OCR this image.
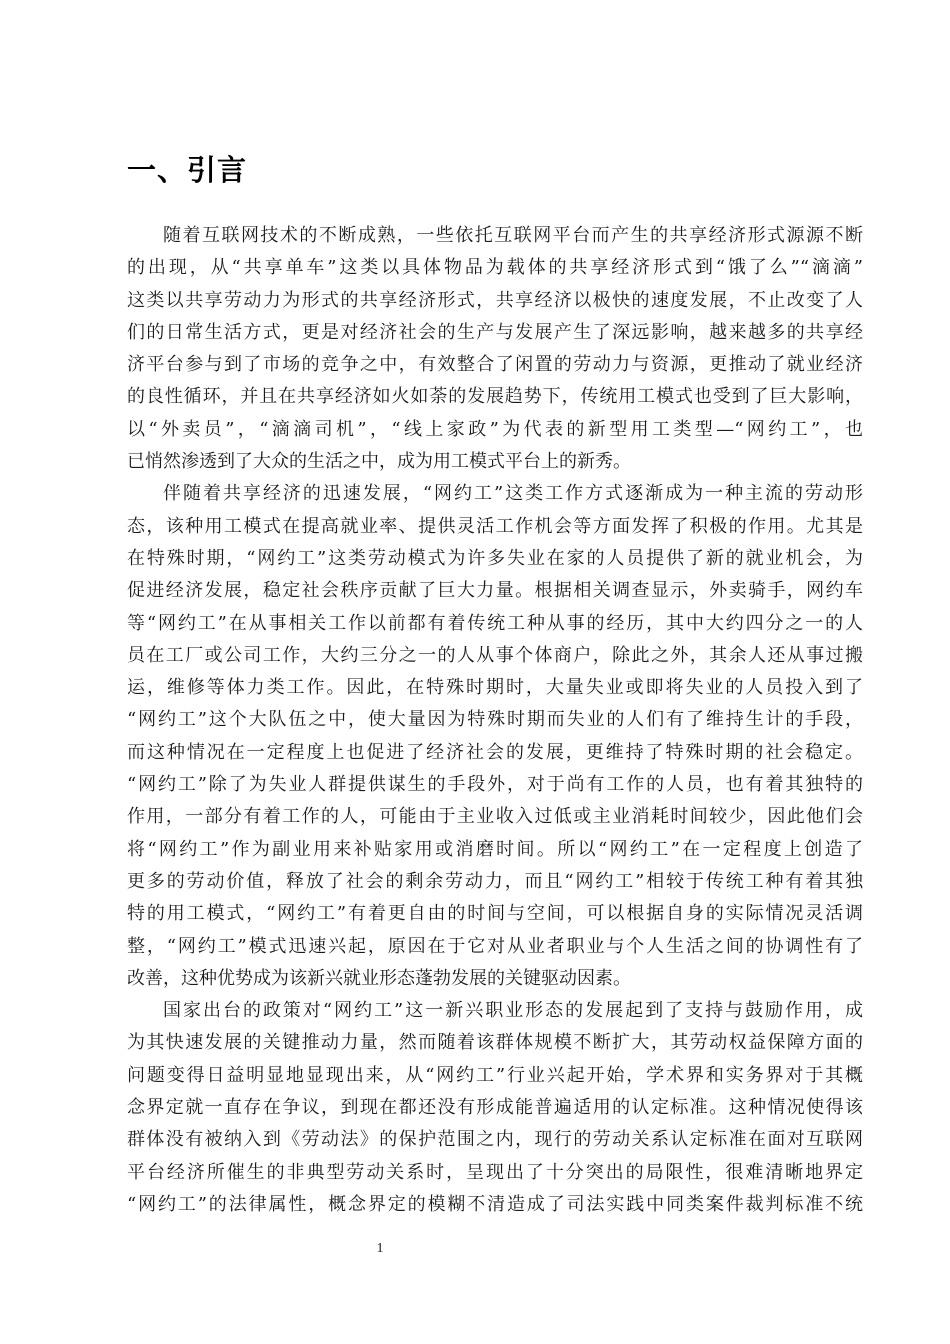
一、引言
随着互联网技术的不断成熟，一些依托互联网平台而产生的共享经济形式源源不断
的出现，从“共享单车”这类以具体物品为载体的共享经济形式到“饿了么”“滴滴”
这类以共享劳动力为形式的共享经济形式，共享经济以极快的速度发展，不止改变了人
们的日常生活方式，更是对经济社会的生产与发展产生了深远影响，越来越多的共享经
济平台参与到了市场的竞争之中，有效整合了闲置的劳动力与资源，更推动了就业经济
的良性循环，并且在共享经济如火如荼的发展趋势下，传统用工模式也受到了巨大影响，
以“外卖员”，“滴滴司机”，“线上家政”为代表的新型用工类型—“网约工”，也
已悄然渗透到了大众的生活之中，成为用工模式平台上的新秀。
伴随着共享经济的迅速发展，“网约工”这类工作方式逐渐成为一种主流的劳动形
态，该种用工模式在提高就业率、提供灵活工作机会等方面发挥了积极的作用。尤其是
在特殊时期，“网约工”这类劳动模式为许多失业在家的人员提供了新的就业机会，为
促进经济发展，稳定社会秩序贡献了巨大力量。根据相关调查显示，外卖骑手，网约车
等“网约工”在从事相关工作以前都有着传统工种从事的经历，其中大约四分之一的人
员在工厂或公司工作，大约三分之一的人从事个体商户，除此之外，其余人还从事过搬
运，维修等体力类工作。因此，在特殊时期时，大量失业或即将失业的人员投入到了
“网约工”这个大队伍之中，使大量因为特殊时期而失业的人们有了维持生计的手段，
而这种情况在一定程度上也促进了经济社会的发展，更维持了特殊时期的社会稳定。
“网约工”除了为失业人群提供谋生的手段外，对于尚有工作的人员，也有着其独特的
作用，一部分有着工作的人，可能由于主业收入过低或主业消耗时间较少，因此他们会
将“网约工”作为副业用来补贴家用或消磨时间。所以“网约工”在一定程度上创造了
更多的劳动价值，释放了社会的剩余劳动力，而且“网约工”相较于传统工种有着其独
特的用工模式，“网约工”有着更自由的时间与空间，可以根据自身的实际情况灵活调
整，“网约工”模式迅速兴起，原因在于它对从业者职业与个人生活之间的协调性有了
改善，这种优势成为该新兴就业形态蓬勃发展的关键驱动因素。
国家出台的政策对“网约工”这一新兴职业形态的发展起到了支持与鼓励作用，成
为其快速发展的关键推动力量，然而随着该群体规模不断扩大，其劳动权益保障方面的
问题变得日益明显地显现出来，从“网约工”行业兴起开始，学术界和实务界对于其概
念界定就一直存在争议，到现在都还没有形成能普遍适用的认定标准。这种情况使得该
群体没有被纳入到《劳动法》的保护范围之内，现行的劳动关系认定标准在面对互联网
平台经济所催生的非典型劳动关系时，呈现出了十分突出的局限性，很难清晰地界定
“网约工”的法律属性，概念界定的模糊不清造成了司法实践中同类案件裁判标准不统
1
